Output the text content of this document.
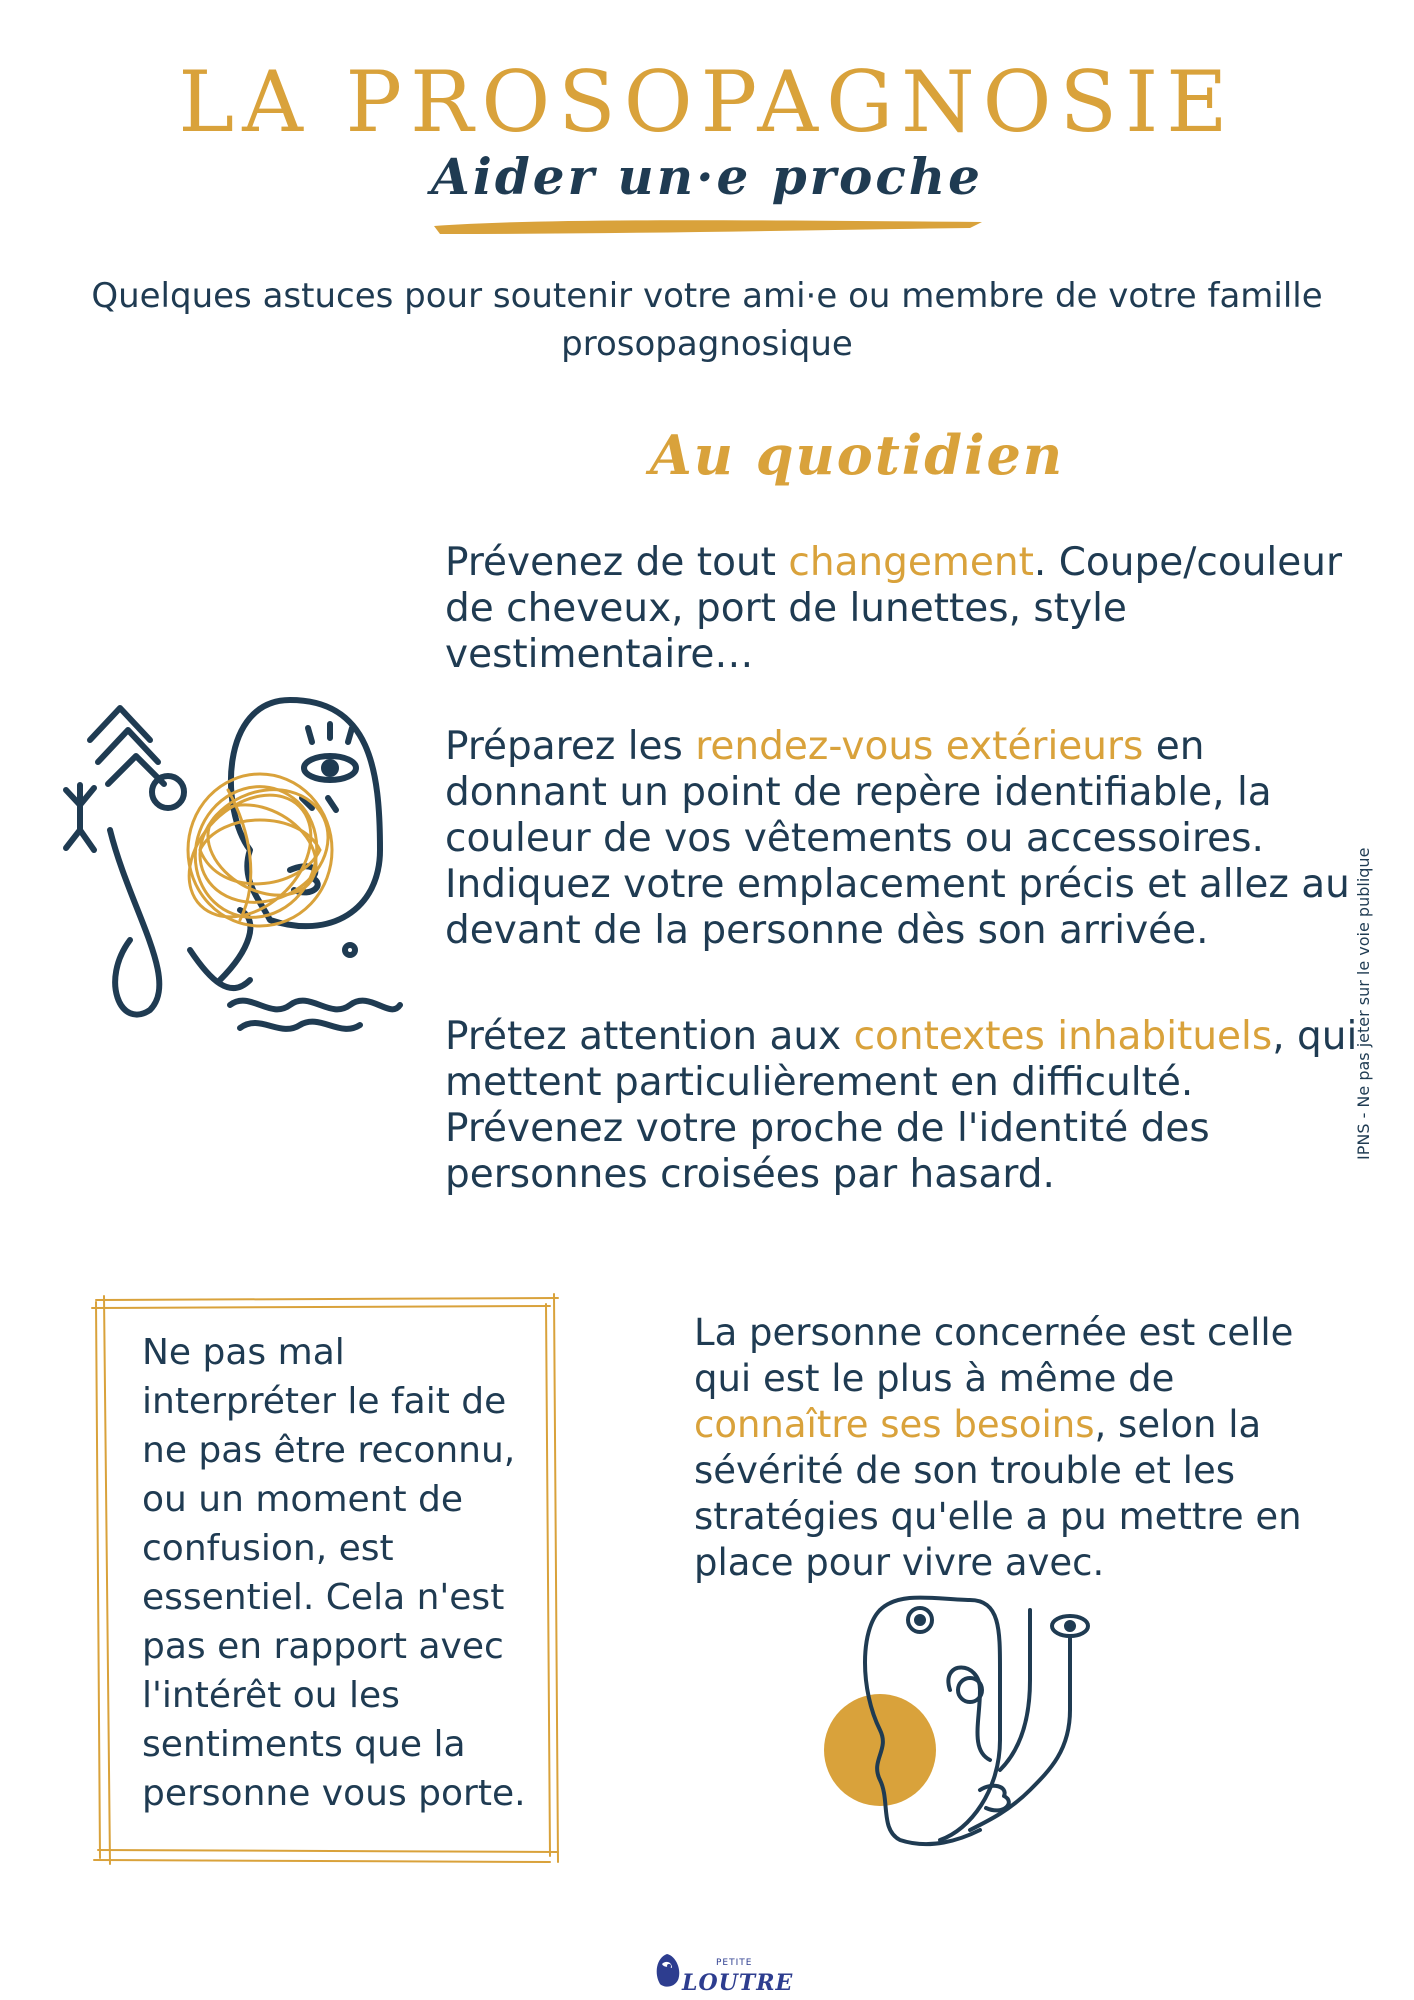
LA PROSOPAGNOSIE
Aider un·e proche
Quelques astuces pour soutenir votre ami·e ou membre de votre famille prosopagnosique
Au quotidien
Prévenez de tout changement. Coupe/couleur de cheveux, port de lunettes, style vestimentaire…
Préparez les rendez-vous extérieurs en donnant un point de repère identifiable, la couleur de vos vêtements ou accessoires. Indiquez votre emplacement précis et allez au devant de la personne dès son arrivée.
Prétez attention aux contextes inhabituels, qui mettent particulièrement en difficulté. Prévenez votre proche de l'identité des personnes croisées par hasard.
IPNS - Ne pas jeter sur le voie publique
Ne pas mal interpréter le fait de ne pas être reconnu, ou un moment de confusion, est essentiel. Cela n'est pas en rapport avec l'intérêt ou les sentiments que la personne vous porte.
La personne concernée est celle qui est le plus à même de connaître ses besoins, selon la sévérité de son trouble et les stratégies qu'elle a pu mettre en place pour vivre avec.
PETITE
LOUTRE
